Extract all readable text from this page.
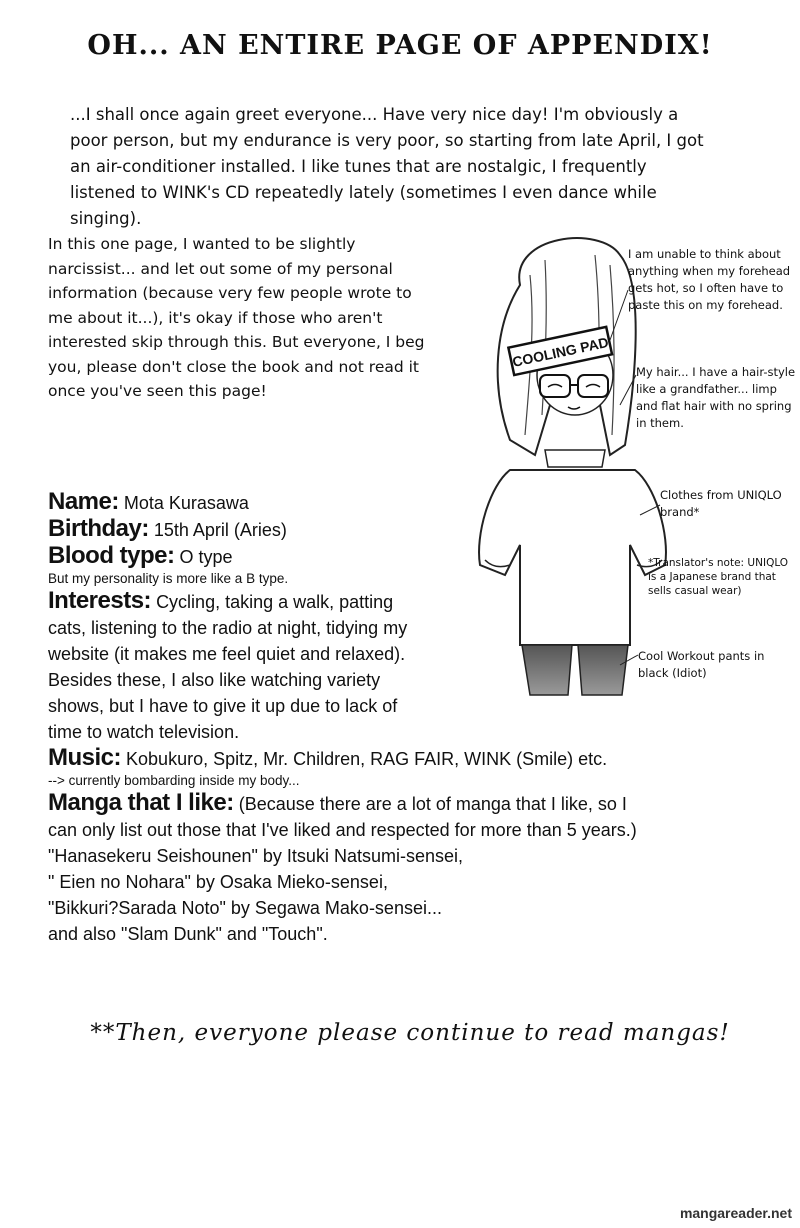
OH... AN ENTIRE PAGE OF APPENDIX!
...I shall once again greet everyone... Have very nice day! I'm obviously a poor person, but my endurance is very poor, so starting from late April, I got an air-conditioner installed. I like tunes that are nostalgic, I frequently listened to WINK's CD repeatedly lately (sometimes I even dance while singing).
In this one page, I wanted to be slightly narcissist... and let out some of my personal information (because very few people wrote to me about it...), it's okay if those who aren't interested skip through this. But everyone, I beg you, please don't close the book and not read it once you've seen this page!
COOLING PAD
I am unable to think about anything when my forehead gets hot, so I often have to paste this on my forehead.
My hair... I have a hair-style like a grandfather... limp and flat hair with no spring in them.
Clothes from UNIQLO brand*
*Translator's note: UNIQLO is a Japanese brand that sells casual wear)
Cool Workout pants in black (Idiot)
Name: Mota Kurasawa
Birthday: 15th April (Aries)
Blood type: O type
But my personality is more like a B type.
Interests: Cycling, taking a walk, patting cats, listening to the radio at night, tidying my website (it makes me feel quiet and relaxed). Besides these, I also like watching variety shows, but I have to give it up due to lack of time to watch television.
Music: Kobukuro, Spitz, Mr. Children, RAG FAIR, WINK (Smile) etc.
--> currently bombarding inside my body...
Manga that I like: (Because there are a lot of manga that I like, so I can only list out those that I've liked and respected for more than 5 years.)
"Hanasekeru Seishounen" by Itsuki Natsumi-sensei,
" Eien no Nohara" by Osaka Mieko-sensei,
"Bikkuri?Sarada Noto" by Segawa Mako-sensei...
and also "Slam Dunk" and "Touch".
**Then, everyone please continue to read mangas!
mangareader.net
